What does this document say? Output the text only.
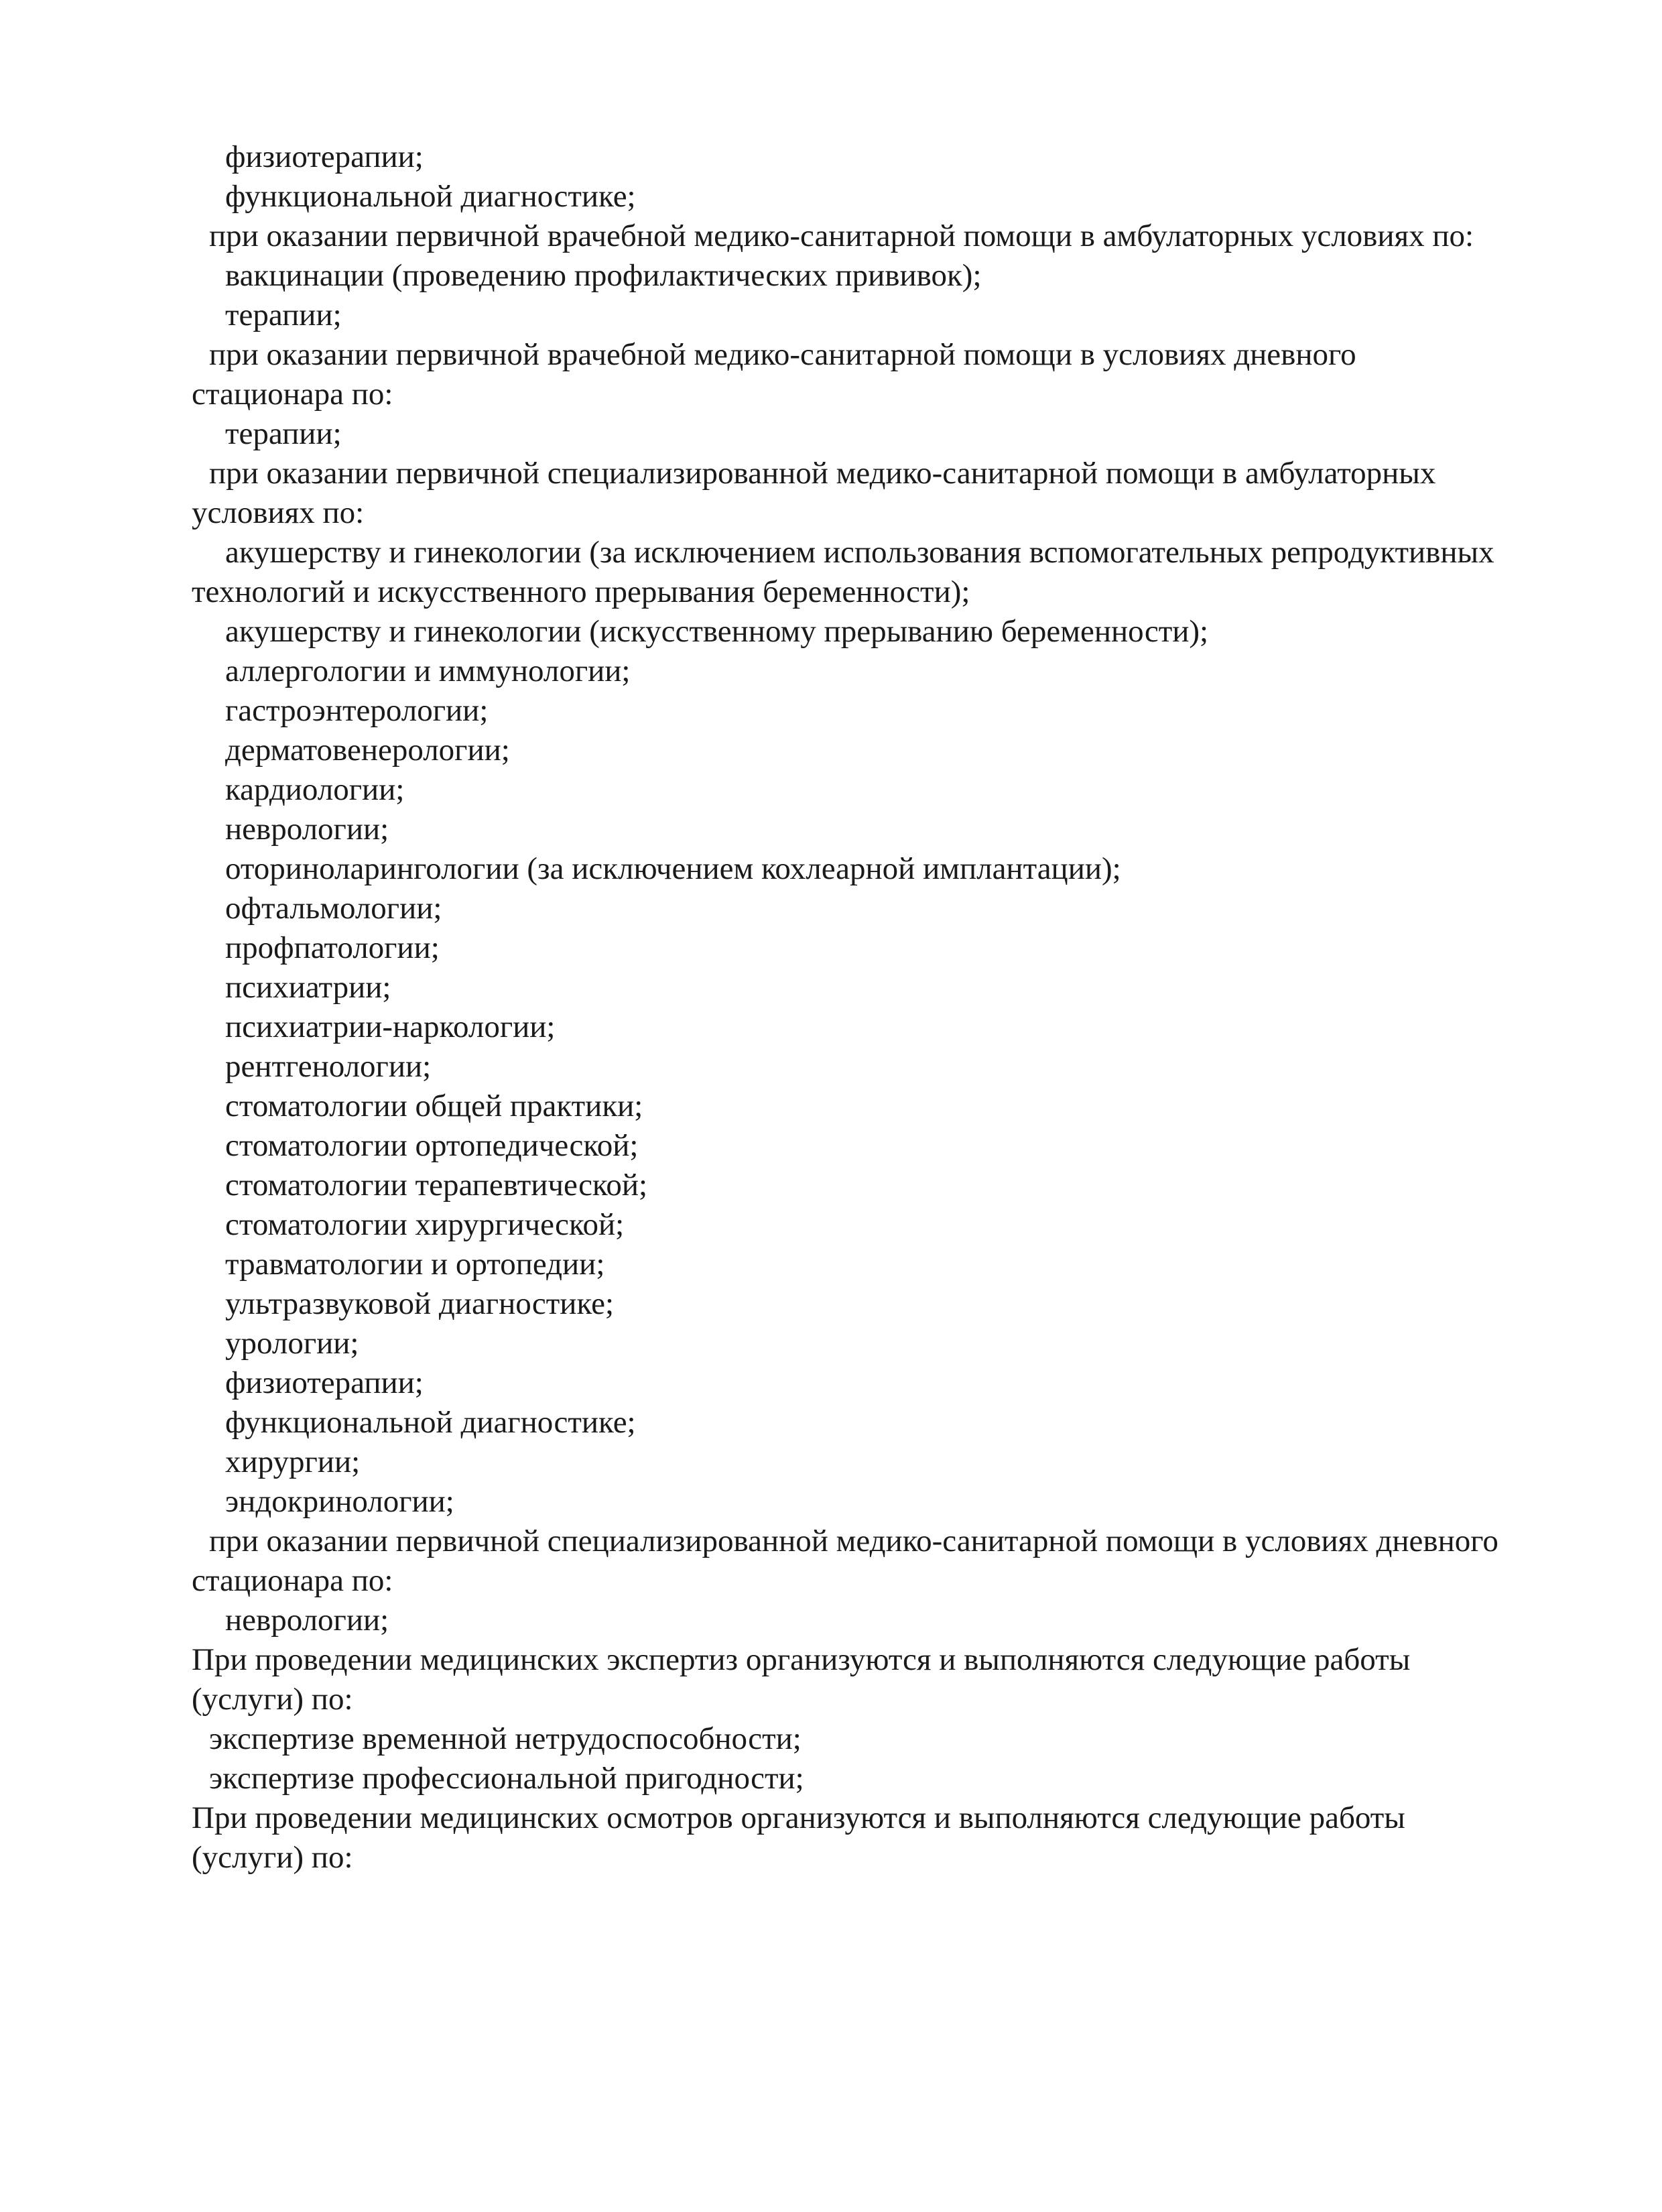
физиотерапии;

функциональной диагностике;

при оказании первичной врачебной медико-санитарной помощи в амбулаторных условиях по:

вакцинации (проведению профилактических прививок);

терапии;

при оказании первичной врачебной медико-санитарной помощи в условиях дневного

стационара по:

терапии;

при оказании первичной специализированной медико-санитарной помощи в амбулаторных

условиях по:

акушерству и гинекологии (за исключением использования вспомогательных репродуктивных

технологий и искусственного прерывания беременности);

акушерству и гинекологии (искусственному прерыванию беременности);

аллергологии и иммунологии;

гастроэнтерологии;

дерматовенерологии;

кардиологии;

неврологии;

оториноларингологии (за исключением кохлеарной имплантации);

офтальмологии;

профпатологии;

психиатрии;

психиатрии-наркологии;

рентгенологии;

стоматологии общей практики;

стоматологии ортопедической;

стоматологии терапевтической;

стоматологии хирургической;

травматологии и ортопедии;

ультразвуковой диагностике;

урологии;

физиотерапии;

функциональной диагностике;

хирургии;

эндокринологии;

при оказании первичной специализированной медико-санитарной помощи в условиях дневного

стационара по:

неврологии;

При проведении медицинских экспертиз организуются и выполняются следующие работы

(услуги) по:

экспертизе временной нетрудоспособности;

экспертизе профессиональной пригодности;

При проведении медицинских осмотров организуются и выполняются следующие работы

(услуги) по:
